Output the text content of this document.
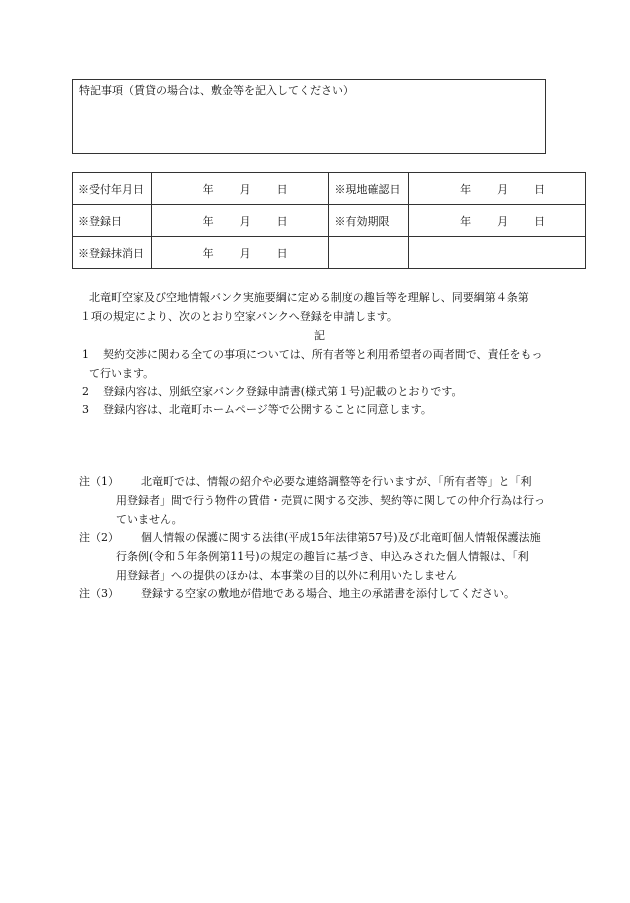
特記事項（賃貸の場合は、敷金等を記入してください）
※受付年月日	年 月 日	※現地確認日	年 月 日
※登録日	年 月 日	※有効期限	年 月 日
※登録抹消日	年 月 日		
北竜町空家及び空地情報バンク実施要綱に定める制度の趣旨等を理解し、同要綱第４条第
１項の規定により、次のとおり空家バンクへ登録を申請します。
記
1 契約交渉に関わる全ての事項については、所有者等と利用希望者の両者間で、責任をもっ
て行います。
2 登録内容は、別紙空家バンク登録申請書(様式第１号)記載のとおりです。
3 登録内容は、北竜町ホームページ等で公開することに同意します。
注（1） 北竜町では、情報の紹介や必要な連絡調整等を行いますが、「所有者等」と「利
用登録者」間で行う物件の賃借・売買に関する交渉、契約等に関しての仲介行為は行っ
ていません。
注（2） 個人情報の保護に関する法律(平成15年法律第57号)及び北竜町個人情報保護法施
行条例(令和５年条例第11号)の規定の趣旨に基づき、申込みされた個人情報は、「利
用登録者」への提供のほかは、本事業の目的以外に利用いたしません
注（3） 登録する空家の敷地が借地である場合、地主の承諾書を添付してください。
